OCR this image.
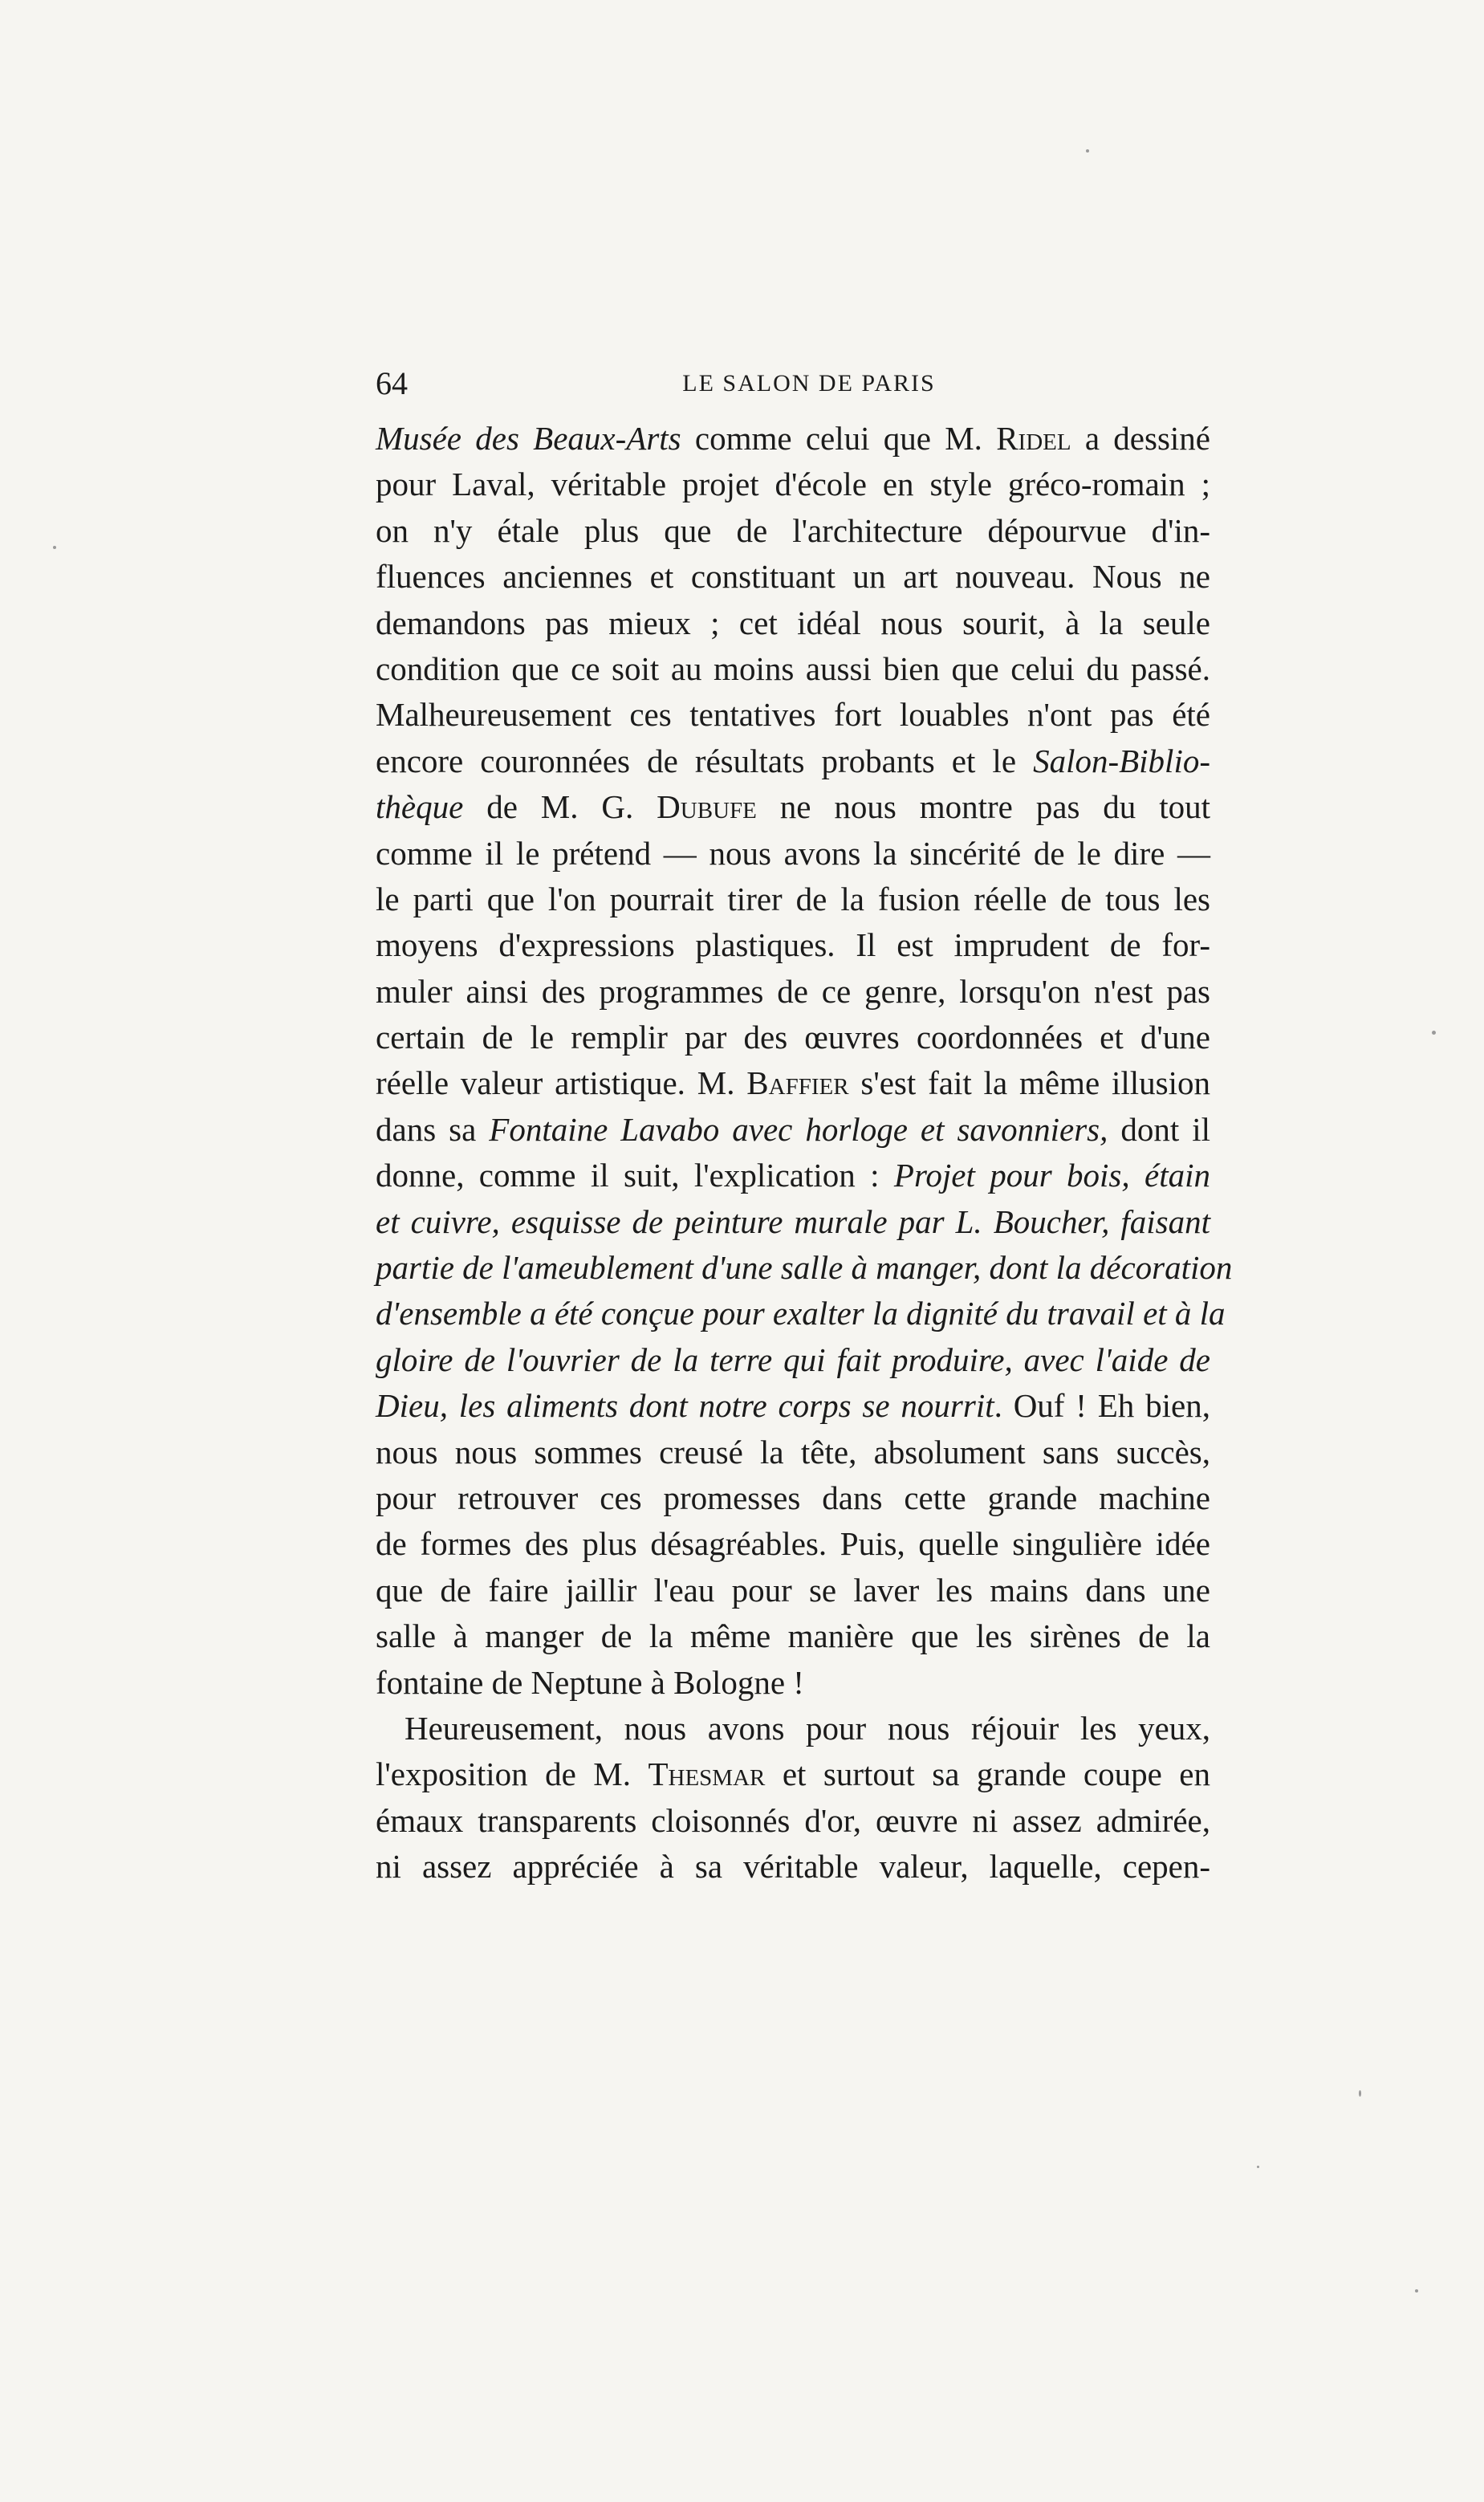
64	LE SALON DE PARIS
Musée des Beaux-Arts comme celui que M. Ridel a dessiné
pour Laval, véritable projet d'école en style gréco-romain ;
on n'y étale plus que de l'architecture dépourvue d'in-
fluences anciennes et constituant un art nouveau. Nous ne
demandons pas mieux ; cet idéal nous sourit, à la seule
condition que ce soit au moins aussi bien que celui du passé.
Malheureusement ces tentatives fort louables n'ont pas été
encore couronnées de résultats probants et le Salon-Biblio-
thèque de M. G. Dubufe ne nous montre pas du tout
comme il le prétend — nous avons la sincérité de le dire —
le parti que l'on pourrait tirer de la fusion réelle de tous les
moyens d'expressions plastiques. Il est imprudent de for-
muler ainsi des programmes de ce genre, lorsqu'on n'est pas
certain de le remplir par des œuvres coordonnées et d'une
réelle valeur artistique. M. Baffier s'est fait la même illusion
dans sa Fontaine Lavabo avec horloge et savonniers, dont il
donne, comme il suit, l'explication : Projet pour bois, étain
et cuivre, esquisse de peinture murale par L. Boucher, faisant
partie de l'ameublement d'une salle à manger, dont la décoration
d'ensemble a été conçue pour exalter la dignité du travail et à la
gloire de l'ouvrier de la terre qui fait produire, avec l'aide de
Dieu, les aliments dont notre corps se nourrit. Ouf ! Eh bien,
nous nous sommes creusé la tête, absolument sans succès,
pour retrouver ces promesses dans cette grande machine
de formes des plus désagréables. Puis, quelle singulière idée
que de faire jaillir l'eau pour se laver les mains dans une
salle à manger de la même manière que les sirènes de la
fontaine de Neptune à Bologne !
Heureusement, nous avons pour nous réjouir les yeux,
l'exposition de M. Thesmar et surtout sa grande coupe en
émaux transparents cloisonnés d'or, œuvre ni assez admirée,
ni assez appréciée à sa véritable valeur, laquelle, cepen-
